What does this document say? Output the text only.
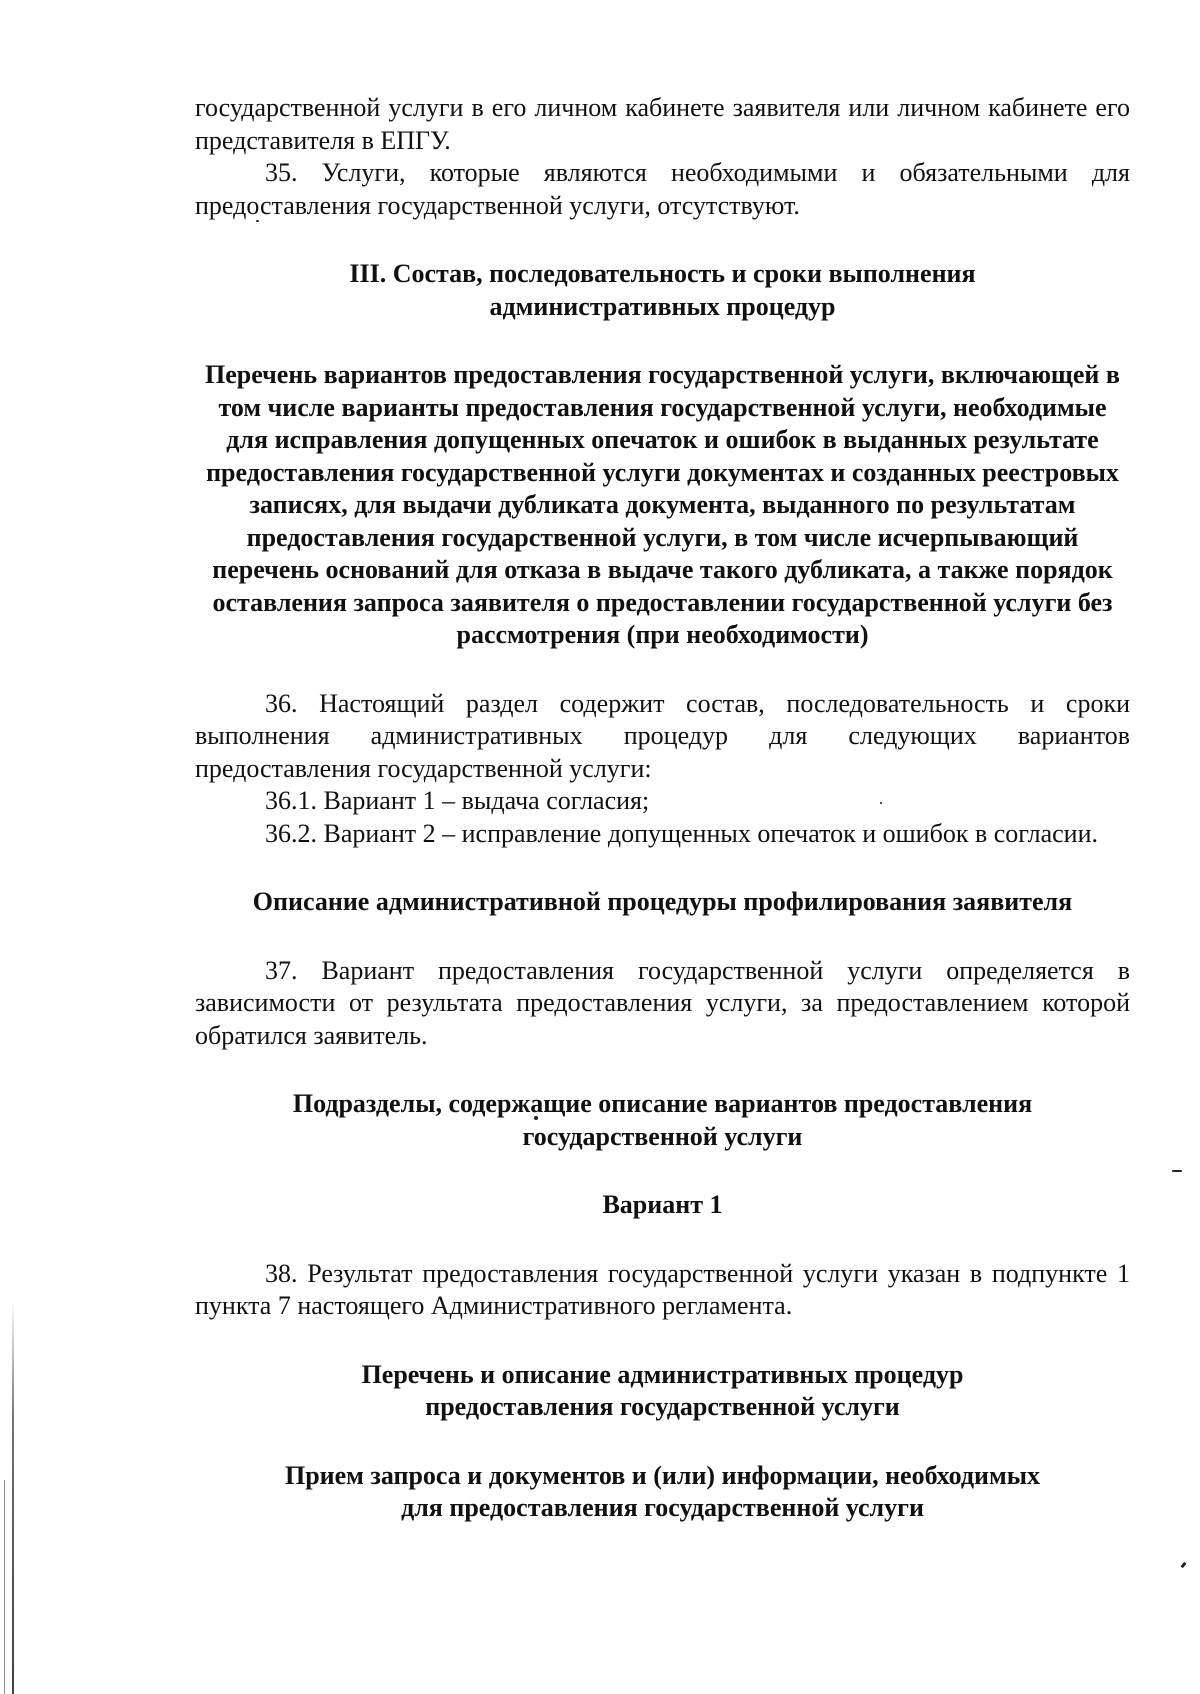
государственной услуги в его личном кабинете заявителя или личном кабинете его представителя в ЕПГУ.

35. Услуги, которые являются необходимыми и обязательными для предоставления государственной услуги, отсутствуют.

III. Состав, последовательность и сроки выполнения

административных процедур

Перечень вариантов предоставления государственной услуги, включающей в том числе варианты предоставления государственной услуги, необходимые для исправления допущенных опечаток и ошибок в выданных результате предоставления государственной услуги документах и созданных реестровых записях, для выдачи дубликата документа, выданного по результатам предоставления государственной услуги, в том числе исчерпывающий перечень оснований для отказа в выдаче такого дубликата, а также порядок оставления запроса заявителя о предоставлении государственной услуги без рассмотрения (при необходимости)

36. Настоящий раздел содержит состав, последовательность и сроки выполнения административных процедур для следующих вариантов предоставления государственной услуги:

36.1. Вариант 1 – выдача согласия;

36.2. Вариант 2 – исправление допущенных опечаток и ошибок в согласии.

Описание административной процедуры профилирования заявителя

37. Вариант предоставления государственной услуги определяется в зависимости от результата предоставления услуги, за предоставлением которой обратился заявитель.

Подразделы, содержащие описание вариантов предоставления

государственной услуги

Вариант 1

38. Результат предоставления государственной услуги указан в подпункте 1 пункта 7 настоящего Административного регламента.

Перечень и описание административных процедур

предоставления государственной услуги

Прием запроса и документов и (или) информации, необходимых

для предоставления государственной услуги
